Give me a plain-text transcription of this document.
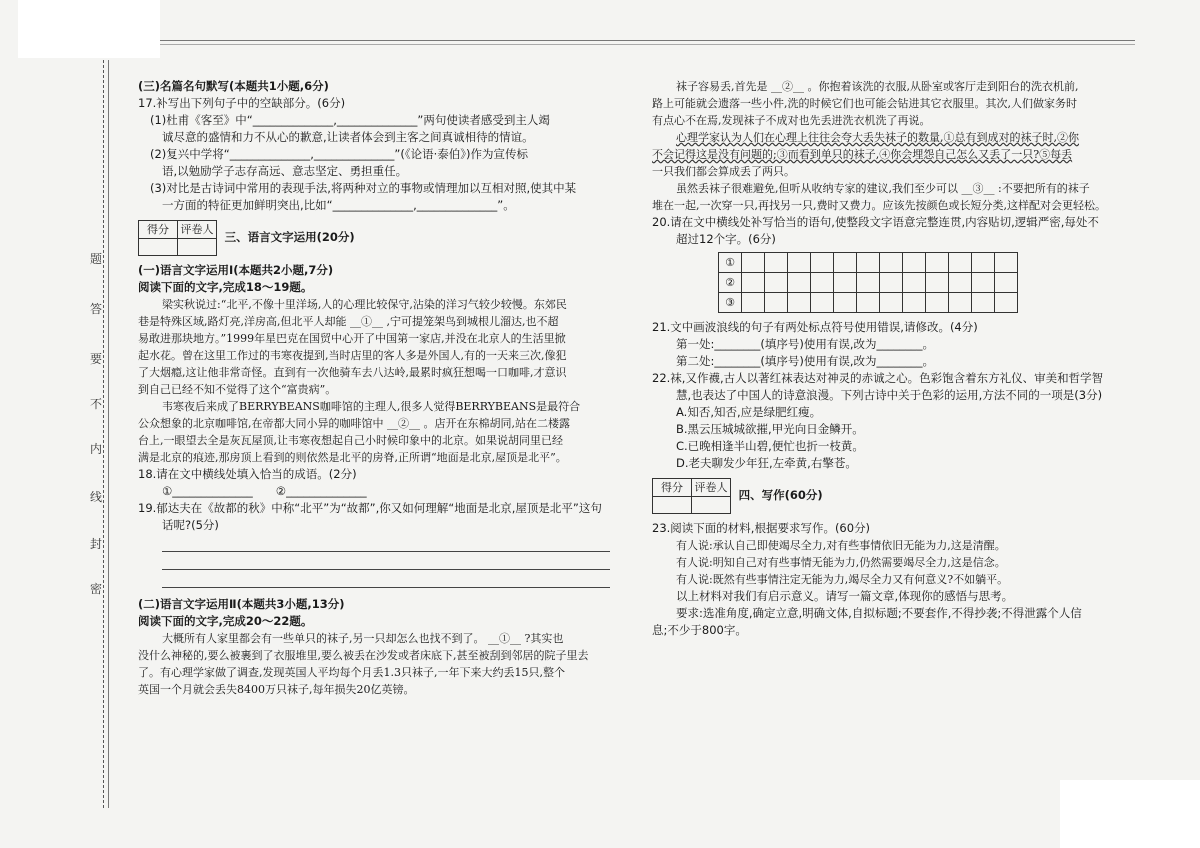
题
答
要
不
内
线
封
密
(三)名篇名句默写(本题共1小题,6分)
17.补写出下列句子中的空缺部分。(6分)
(1)杜甫《客至》中“______________,______________”两句使读者感受到主人竭
诚尽意的盛情和力不从心的歉意,让读者体会到主客之间真诚相待的情谊。
(2)复兴中学将“______________,______________”(《论语·泰伯》)作为宣传标
语,以勉励学子志存高远、意志坚定、勇担重任。
(3)对比是古诗词中常用的表现手法,将两种对立的事物或情理加以互相对照,使其中某
一方面的特征更加鲜明突出,比如“______________,______________”。
得分	评卷人
	三、语言文字运用(20分)
(一)语言文字运用Ⅰ(本题共2小题,7分)
阅读下面的文字,完成18～19题。
梁实秋说过:“北平,不像十里洋场,人的心理比较保守,沾染的洋习气较少较慢。东郊民
巷是特殊区域,路灯亮,洋房高,但北平人却能 __①__ ,宁可提笼架鸟到城根儿溜达,也不超
易敢进那块地方。”1999年星巴克在国贸中心开了中国第一家店,并没在北京人的生活里掀
起水花。曾在这里工作过的韦寒夜提到,当时店里的客人多是外国人,有的一天来三次,像犯
了大烟瘾,这让他非常奇怪。直到有一次他骑车去八达岭,最累时疯狂想喝一口咖啡,才意识
到自己已经不知不觉得了这个“富贵病”。
韦寒夜后来成了BERRYBEANS咖啡馆的主理人,很多人觉得BERRYBEANS是最符合
公众想象的北京咖啡馆,在帝都大同小异的咖啡馆中 __②__ 。店开在东棉胡同,站在二楼露
台上,一眼望去全是灰瓦屋顶,让韦寒夜想起自己小时候印象中的北京。如果说胡同里已经
满是北京的痕迹,那房顶上看到的则依然是北平的房脊,正所谓“地面是北京,屋顶是北平”。
18.请在文中横线处填入恰当的成语。(2分)
①______________　　②______________
19.郁达夫在《故都的秋》中称“北平”为“故都”,你又如何理解“地面是北京,屋顶是北平”这句
话呢?(5分)
(二)语言文字运用Ⅱ(本题共3小题,13分)
阅读下面的文字,完成20～22题。
大概所有人家里都会有一些单只的袜子,另一只却怎么也找不到了。 __①__ ?其实也
没什么神秘的,要么被裹到了衣服堆里,要么被丢在沙发或者床底下,甚至被刮到邻居的院子里去
了。有心理学家做了调查,发现英国人平均每个月丢1.3只袜子,一年下来大约丢15只,整个
英国一个月就会丢失8400万只袜子,每年损失20亿英镑。
袜子容易丢,首先是 __②__ 。你抱着该洗的衣服,从卧室或客厅走到阳台的洗衣机前,
路上可能就会遗落一些小件,洗的时候它们也可能会钻进其它衣服里。其次,人们做家务时
有点心不在焉,发现袜子不成对也先丢进洗衣机洗了再说。
心理学家认为人们在心理上往往会夸大丢失袜子的数量,①总有到成对的袜子时,②你
不会记得这是没有问题的;③而看到单只的袜子,④你会埋怨自己怎么又丢了一只?⑤每丢
一只我们都会算成丢了两只。
虽然丢袜子很难避免,但听从收纳专家的建议,我们至少可以 __③__ :不要把所有的袜子
堆在一起,一次穿一只,再找另一只,费时又费力。应该先按颜色或长短分类,这样配对会更轻松。
20.请在文中横线处补写恰当的语句,使整段文字语意完整连贯,内容贴切,逻辑严密,每处不
超过12个字。(6分)
①												
②												
③												
21.文中画波浪线的句子有两处标点符号使用错误,请修改。(4分)
第一处:________(填序号)使用有误,改为________。
第二处:________(填序号)使用有误,改为________。
22.袜,又作襪,古人以著红袜表达对神灵的赤诚之心。色彩饱含着东方礼仪、审美和哲学智
慧,也表达了中国人的诗意浪漫。下列古诗中关于色彩的运用,方法不同的一项是(3分)
A.知否,知否,应是绿肥红瘦。
B.黑云压城城欲摧,甲光向日金鳞开。
C.已晚相逢半山碧,便忙也折一枝黄。
D.老夫聊发少年狂,左牵黄,右擎苍。
得分	评卷人
	四、写作(60分)
23.阅读下面的材料,根据要求写作。(60分)
有人说:承认自己即使竭尽全力,对有些事情依旧无能为力,这是清醒。
有人说:明知自己对有些事情无能为力,仍然需要竭尽全力,这是信念。
有人说:既然有些事情注定无能为力,竭尽全力又有何意义?不如躺平。
以上材料对我们有启示意义。请写一篇文章,体现你的感悟与思考。
要求:选准角度,确定立意,明确文体,自拟标题;不要套作,不得抄袭;不得泄露个人信
息;不少于800字。
